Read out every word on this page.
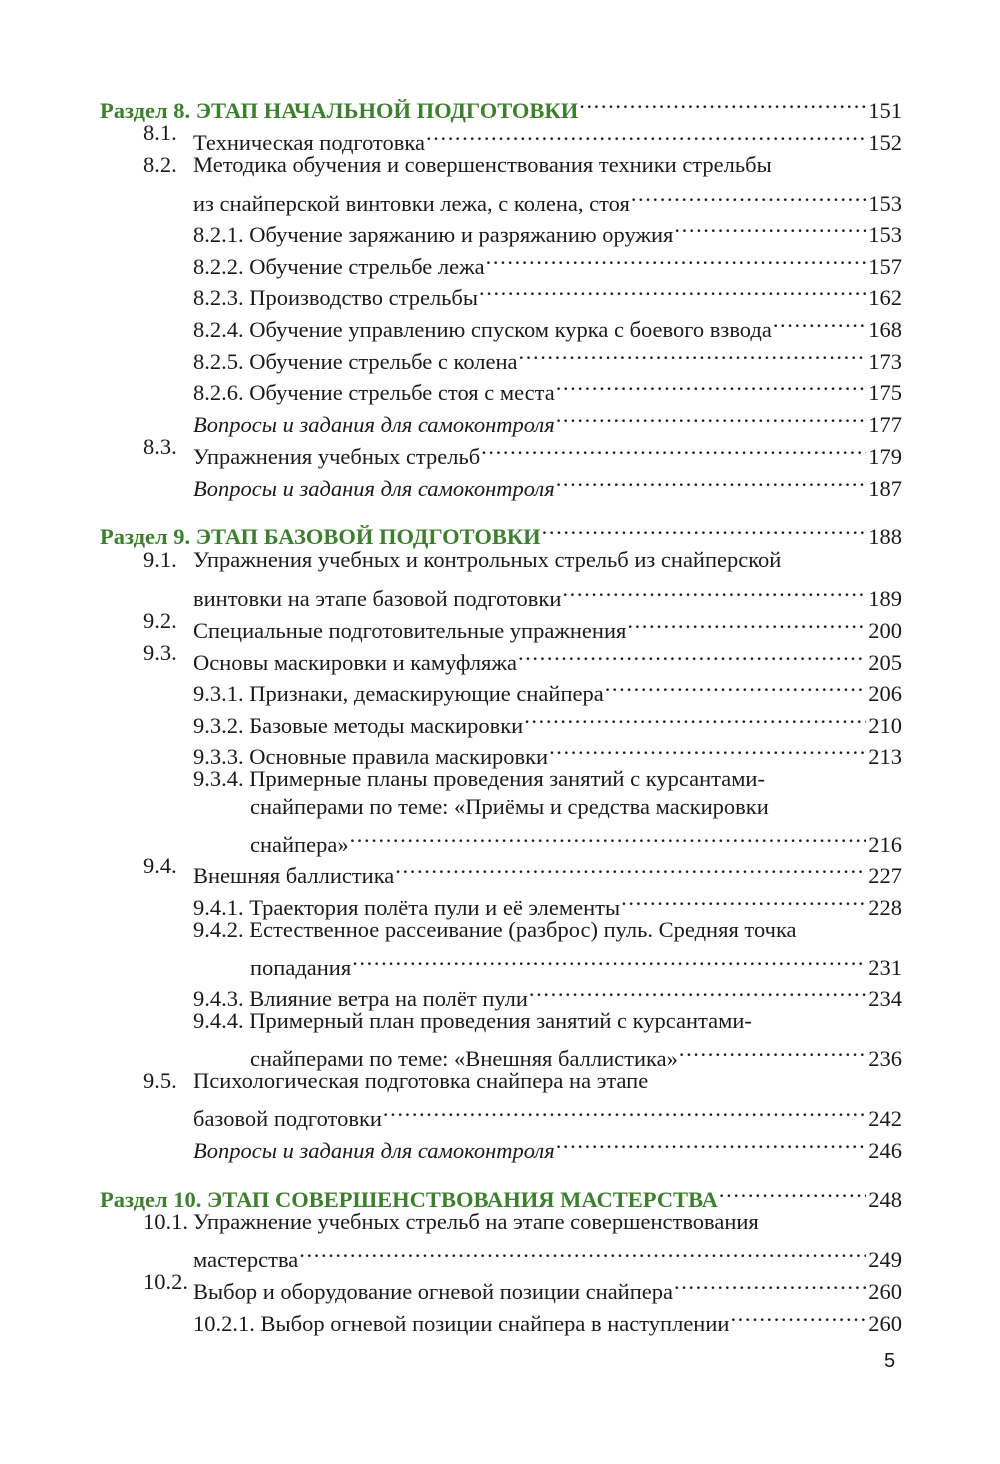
Раздел 8. ЭТАП НАЧАЛЬНОЙ ПОДГОТОВКИ .....	151
8.1. Техническая подготовка .....	152
8.2. Методика обучения и совершенствования техники стрельбы
из снайперской винтовки лежа, с колена, стоя .....	153
8.2.1. Обучение заряжанию и разряжанию оружия .....	153
8.2.2. Обучение стрельбе лежа .....	157
8.2.3. Производство стрельбы .....	162
8.2.4. Обучение управлению спуском курка с боевого взвода .....	168
8.2.5. Обучение стрельбе с колена .....	173
8.2.6. Обучение стрельбе стоя с места .....	175
Вопросы и задания для самоконтроля .....	177
8.3. Упражнения учебных стрельб .....	179
Вопросы и задания для самоконтроля .....	187
Раздел 9. ЭТАП БАЗОВОЙ ПОДГОТОВКИ .....	188
9.1. Упражнения учебных и контрольных стрельб из снайперской
винтовки на этапе базовой подготовки .....	189
9.2. Специальные подготовительные упражнения .....	200
9.3. Основы маскировки и камуфляжа .....	205
9.3.1. Признаки, демаскирующие снайпера .....	206
9.3.2. Базовые методы маскировки .....	210
9.3.3. Основные правила маскировки .....	213
9.3.4. Примерные планы проведения занятий с курсантами-
снайперами по теме: «Приёмы и средства маскировки
снайпера» .....	216
9.4. Внешняя баллистика .....	227
9.4.1. Траектория полёта пули и её элементы .....	228
9.4.2. Естественное рассеивание (разброс) пуль. Средняя точка
попадания .....	231
9.4.3. Влияние ветра на полёт пули .....	234
9.4.4. Примерный план проведения занятий с курсантами-
снайперами по теме: «Внешняя баллистика» .....	236
9.5. Психологическая подготовка снайпера на этапе
базовой подготовки .....	242
Вопросы и задания для самоконтроля .....	246
Раздел 10. ЭТАП СОВЕРШЕНСТВОВАНИЯ МАСТЕРСТВА .....	248
10.1. Упражнение учебных стрельб на этапе совершенствования
мастерства .....	249
10.2. Выбор и оборудование огневой позиции снайпера .....	260
10.2.1. Выбор огневой позиции снайпера в наступлении .....	260
5
